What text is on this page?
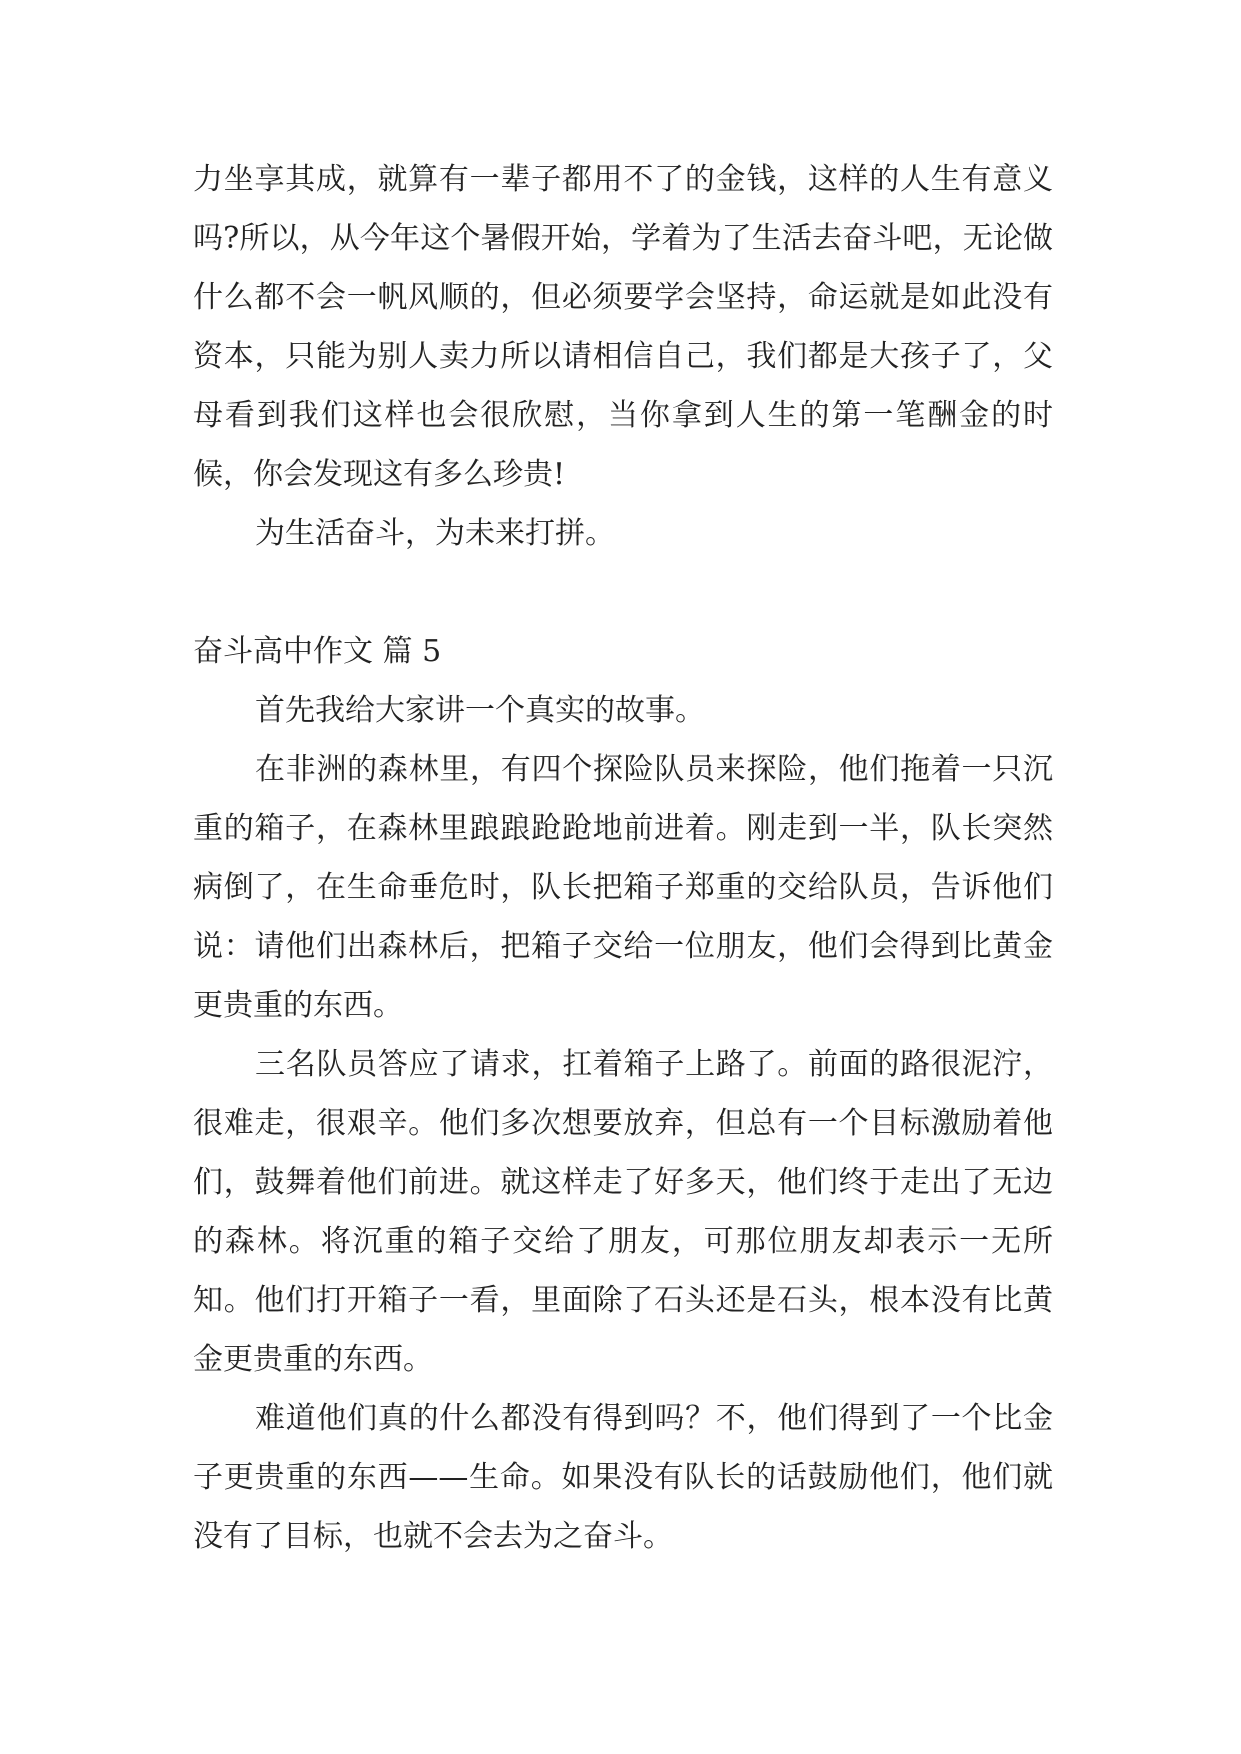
力坐享其成，就算有一辈子都用不了的金钱，这样的人生有意义吗?所以，从今年这个暑假开始，学着为了生活去奋斗吧，无论做什么都不会一帆风顺的，但必须要学会坚持，命运就是如此没有资本，只能为别人卖力所以请相信自己，我们都是大孩子了，父母看到我们这样也会很欣慰，当你拿到人生的第一笔酬金的时候，你会发现这有多么珍贵!

为生活奋斗，为未来打拼。

奋斗高中作文 篇 5

首先我给大家讲一个真实的故事。

在非洲的森林里，有四个探险队员来探险，他们拖着一只沉重的箱子，在森林里踉踉跄跄地前进着。刚走到一半，队长突然病倒了，在生命垂危时，队长把箱子郑重的交给队员，告诉他们说：请他们出森林后，把箱子交给一位朋友，他们会得到比黄金更贵重的东西。

三名队员答应了请求，扛着箱子上路了。前面的路很泥泞，很难走，很艰辛。他们多次想要放弃，但总有一个目标激励着他们，鼓舞着他们前进。就这样走了好多天，他们终于走出了无边的森林。将沉重的箱子交给了朋友，可那位朋友却表示一无所知。他们打开箱子一看，里面除了石头还是石头，根本没有比黄金更贵重的东西。

难道他们真的什么都没有得到吗？不，他们得到了一个比金子更贵重的东西——生命。如果没有队长的话鼓励他们，他们就没有了目标，也就不会去为之奋斗。
